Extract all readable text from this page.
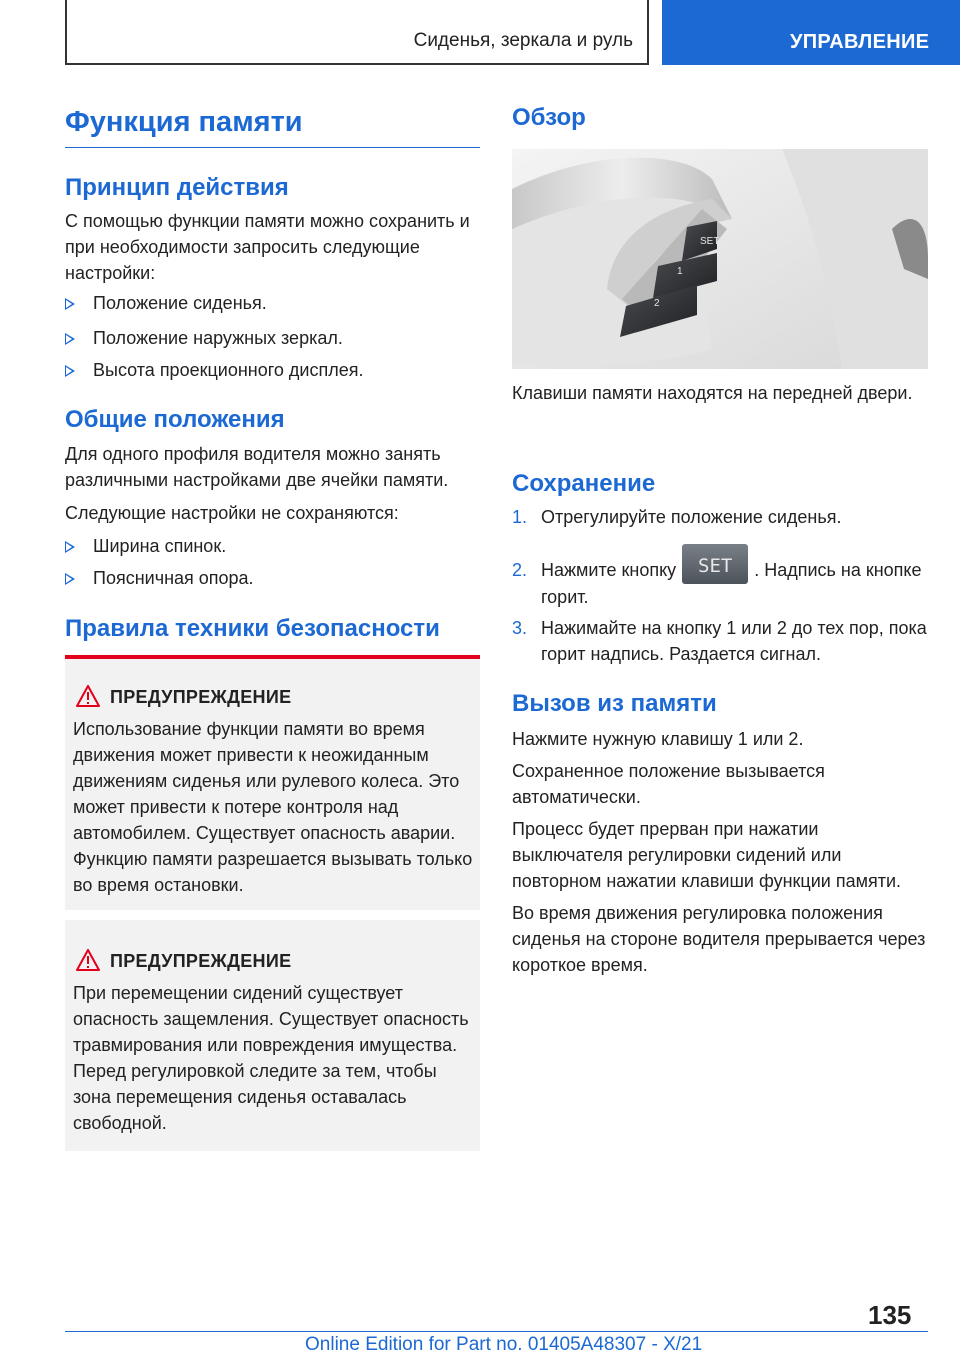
Сиденья, зеркала и руль	УПРАВЛЕНИЕ
Функция памяти
Принцип действия
С помощью функции памяти можно сохранить и при необходимости запросить следующие настройки:
Положение сиденья.
Положение наружных зеркал.
Высота проекционного дисплея.
Общие положения
Для одного профиля водителя можно занять различными настройками две ячейки памяти.
Следующие настройки не сохраняются:
Ширина спинок.
Поясничная опора.
Правила техники безопасности
ПРЕДУПРЕЖДЕНИЕ
Использование функции памяти во время движения может привести к неожиданным движениям сиденья или рулевого колеса. Это может привести к потере контроля над автомобилем. Существует опасность аварии. Функцию памяти разрешается вызывать только во время остановки.
ПРЕДУПРЕЖДЕНИЕ
При перемещении сидений существует опасность защемления. Существует опасность травмирования или повреждения имущества. Перед регулировкой следите за тем, чтобы зона перемещения сиденья оставалась свободной.
Обзор
SET
1
2
Клавиши памяти находятся на передней двери.
Сохранение
1. Отрегулируйте положение сиденья.
2. Нажмите кнопку	SET	. Надпись на кнопке горит.
3. Нажимайте на кнопку 1 или 2 до тех пор, пока горит надпись. Раздается сигнал.
Вызов из памяти
Нажмите нужную клавишу 1 или 2.
Сохраненное положение вызывается автоматически.
Процесс будет прерван при нажатии выключателя регулировки сидений или повторном нажатии клавиши функции памяти.
Во время движения регулировка положения сиденья на стороне водителя прерывается через короткое время.
135
Online Edition for Part no. 01405A48307 - X/21
